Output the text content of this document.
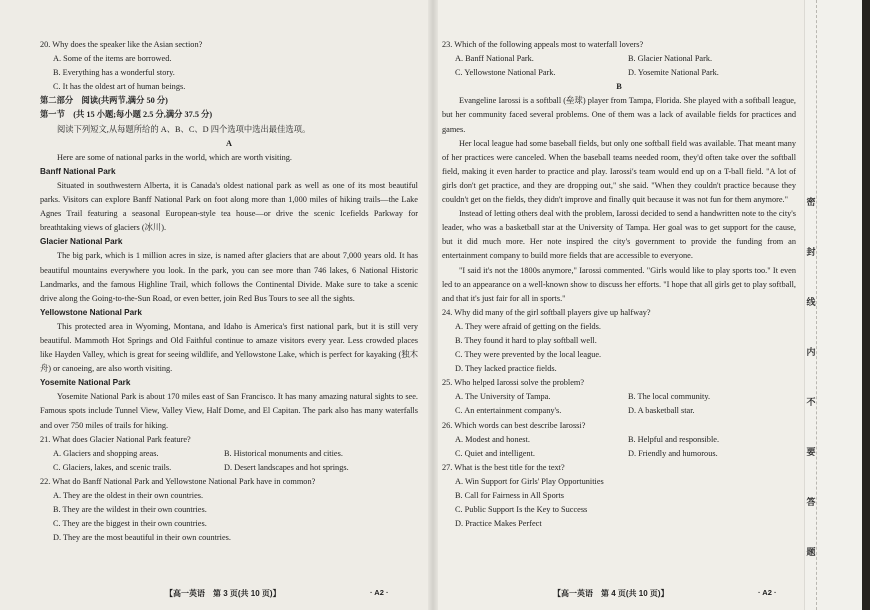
20. Why does the speaker like the Asian section?

A. Some of the items are borrowed.

B. Everything has a wonderful story.

C. It has the oldest art of human beings.

第二部分　阅读(共两节,满分 50 分)

第一节　(共 15 小题;每小题 2.5 分,满分 37.5 分)

阅读下列短文,从每题所给的 A、B、C、D 四个选项中选出最佳选项。

A

Here are some of national parks in the world, which are worth visiting.

Banff National Park

Situated in southwestern Alberta, it is Canada's oldest national park as well as one of its most beautiful parks. Visitors can explore Banff National Park on foot along more than 1,000 miles of hiking trails—the Lake Agnes Trail featuring a seasonal European-style tea house—or drive the scenic Icefields Parkway for breathtaking views of glaciers (冰川).

Glacier National Park

The big park, which is 1 million acres in size, is named after glaciers that are about 7,000 years old. It has beautiful mountains everywhere you look. In the park, you can see more than 746 lakes, 6 National Historic Landmarks, and the famous Highline Trail, which follows the Continental Divide. Make sure to take a scenic drive along the Going-to-the-Sun Road, or even better, join Red Bus Tours to see all the sights.

Yellowstone National Park

This protected area in Wyoming, Montana, and Idaho is America's first national park, but it is still very beautiful. Mammoth Hot Springs and Old Faithful continue to amaze visitors every year. Less crowded places like Hayden Valley, which is great for seeing wildlife, and Yellowstone Lake, which is perfect for kayaking (独木舟) or canoeing, are also worth visiting.

Yosemite National Park

Yosemite National Park is about 170 miles east of San Francisco. It has many amazing natural sights to see. Famous spots include Tunnel View, Valley View, Half Dome, and El Capitan. The park also has many waterfalls and over 750 miles of trails for hiking.

21. What does Glacier National Park feature?

A. Glaciers and shopping areas.	B. Historical monuments and cities.

C. Glaciers, lakes, and scenic trails.	D. Desert landscapes and hot springs.

22. What do Banff National Park and Yellowstone National Park have in common?

A. They are the oldest in their own countries.

B. They are the wildest in their own countries.

C. They are the biggest in their own countries.

D. They are the most beautiful in their own countries.

23. Which of the following appeals most to waterfall lovers?

A. Banff National Park.	B. Glacier National Park.

C. Yellowstone National Park.	D. Yosemite National Park.

B

Evangeline Iarossi is a softball (垒球) player from Tampa, Florida. She played with a softball league, but her community faced several problems. One of them was a lack of available fields for practices and games.

Her local league had some baseball fields, but only one softball field was available. That meant many of her practices were canceled. When the baseball teams needed room, they'd often take over the softball field, making it even harder to practice and play. Iarossi's team would end up on a T-ball field. "A lot of girls don't get practice, and they are dropping out," she said. "When they couldn't practice because they couldn't get on the fields, they didn't improve and finally quit because it was not fun for them anymore."

Instead of letting others deal with the problem, Iarossi decided to send a handwritten note to the city's leader, who was a basketball star at the University of Tampa. Her goal was to get support for the cause, but it did much more. Her note inspired the city's government to provide the funding from an entertainment company to build more fields that are accessible to everyone.

"I said it's not the 1800s anymore," Iarossi commented. "Girls would like to play sports too." It even led to an appearance on a well-known show to discuss her efforts. "I hope that all girls get to play softball, and that it's just fair for all in sports."

24. Why did many of the girl softball players give up halfway?

A. They were afraid of getting on the fields.

B. They found it hard to play softball well.

C. They were prevented by the local league.

D. They lacked practice fields.

25. Who helped Iarossi solve the problem?

A. The University of Tampa.	B. The local community.

C. An entertainment company's.	D. A basketball star.

26. Which words can best describe Iarossi?

A. Modest and honest.	B. Helpful and responsible.

C. Quiet and intelligent.	D. Friendly and humorous.

27. What is the best title for the text?

A. Win Support for Girls' Play Opportunities

B. Call for Fairness in All Sports

C. Public Support Is the Key to Success

D. Practice Makes Perfect

【高一英语　第 3 页(共 10 页)】	· A2 ·	【高一英语　第 4 页(共 10 页)】	· A2 ·

密
封
线
内
不
要
答
题
